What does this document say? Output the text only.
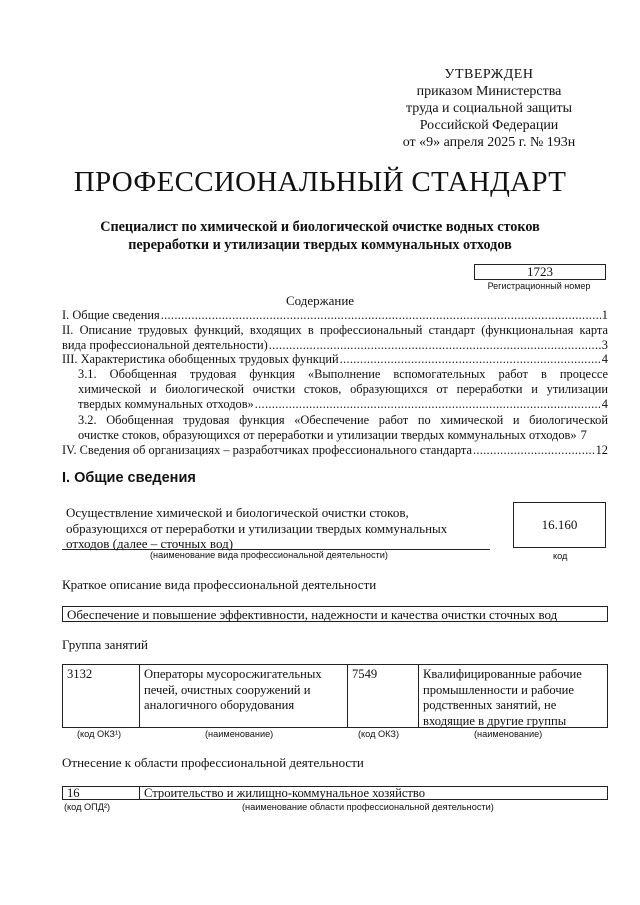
УТВЕРЖДЕН
приказом Министерства
труда и социальной защиты
Российской Федерации
от «9» апреля 2025 г. № 193н
ПРОФЕССИОНАЛЬНЫЙ СТАНДАРТ
Специалист по химической и биологической очистке водных стоков
переработки и утилизации твердых коммунальных отходов
1723
Регистрационный номер
Содержание
I. Общие сведения .....	1
II. Описание трудовых функций, входящих в профессиональный стандарт (функциональная карта
вида профессиональной деятельности) .....	3
III. Характеристика обобщенных трудовых функций .....	4
3.1. Обобщенная трудовая функция «Выполнение вспомогательных работ в процессе
химической и биологической очистки стоков, образующихся от переработки и утилизации
твердых коммунальных отходов» .....	4
3.2. Обобщенная трудовая функция «Обеспечение работ по химической и биологической
очистке стоков, образующихся от переработки и утилизации твердых коммунальных отходов» 7
IV. Сведения об организациях – разработчиках профессионального стандарта .....	12
I. Общие сведения
Осуществление химической и биологической очистки стоков,
образующихся от переработки и утилизации твердых коммунальных
отходов (далее – сточных вод)
(наименование вида профессиональной деятельности)
16.160
код
Краткое описание вида профессиональной деятельности
Обеспечение и повышение эффективности, надежности и качества очистки сточных вод
Группа занятий
3132	Операторы мусоросжигательных
печей, очистных сооружений и
аналогичного оборудования
7549	Квалифицированные рабочие
промышленности и рабочие
родственных занятий, не
входящие в другие группы
(код ОКЗ¹)	(наименование)	(код ОКЗ)	(наименование)
Отнесение к области профессиональной деятельности
16	Строительство и жилищно-коммунальное хозяйство
(код ОПД²)	(наименование области профессиональной деятельности)
